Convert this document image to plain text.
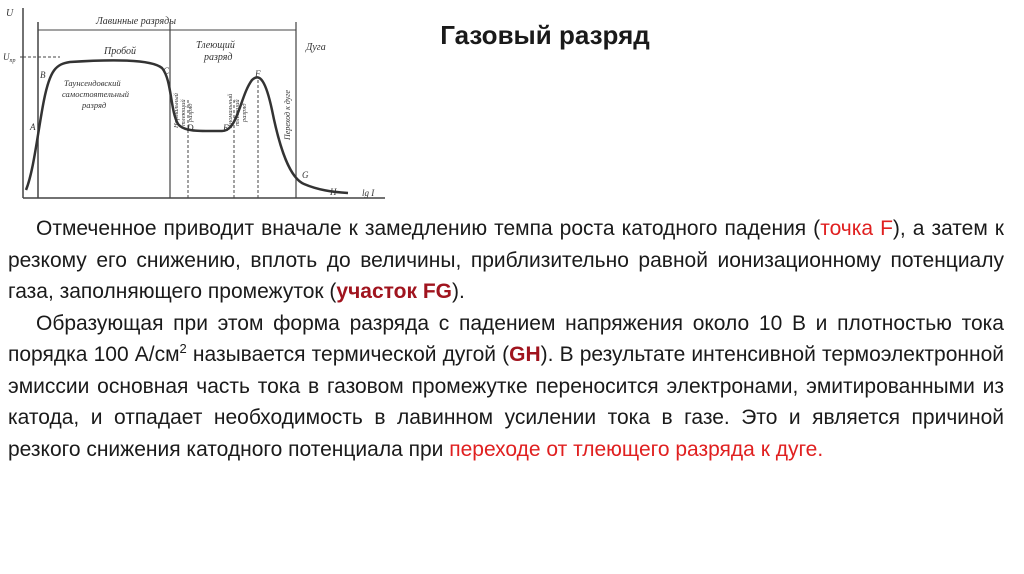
U
lg I
$U_{пр}$
Лавинные разряды
Пробой
Тлеющий
разряд
Дуга
Таунсендовский
самостоятельный
разряд	Нормальный тлеющий разряд	Аномальный тлеющий разряд	Переход к дуге
A
B	C
D	E
F
G
H
Газовый разряд

Отмеченное приводит вначале к замедлению темпа роста катодного падения (точка F), а затем к резкому его снижению, вплоть до величины, приблизительно равной ионизационному потенциалу газа, заполняющего промежуток (участок FG).

Образующая при этом форма разряда с падением напряжения около 10 В и плотностью тока порядка 100 $А/см^2$ называется термической дугой (GH). В результате интенсивной термоэлектронной эмиссии основная часть тока в газовом промежутке переносится электронами, эмитированными из катода, и отпадает необходимость в лавинном усилении тока в газе. Это и является причиной резкого снижения катодного потенциала при переходе от тлеющего разряда к дуге.
